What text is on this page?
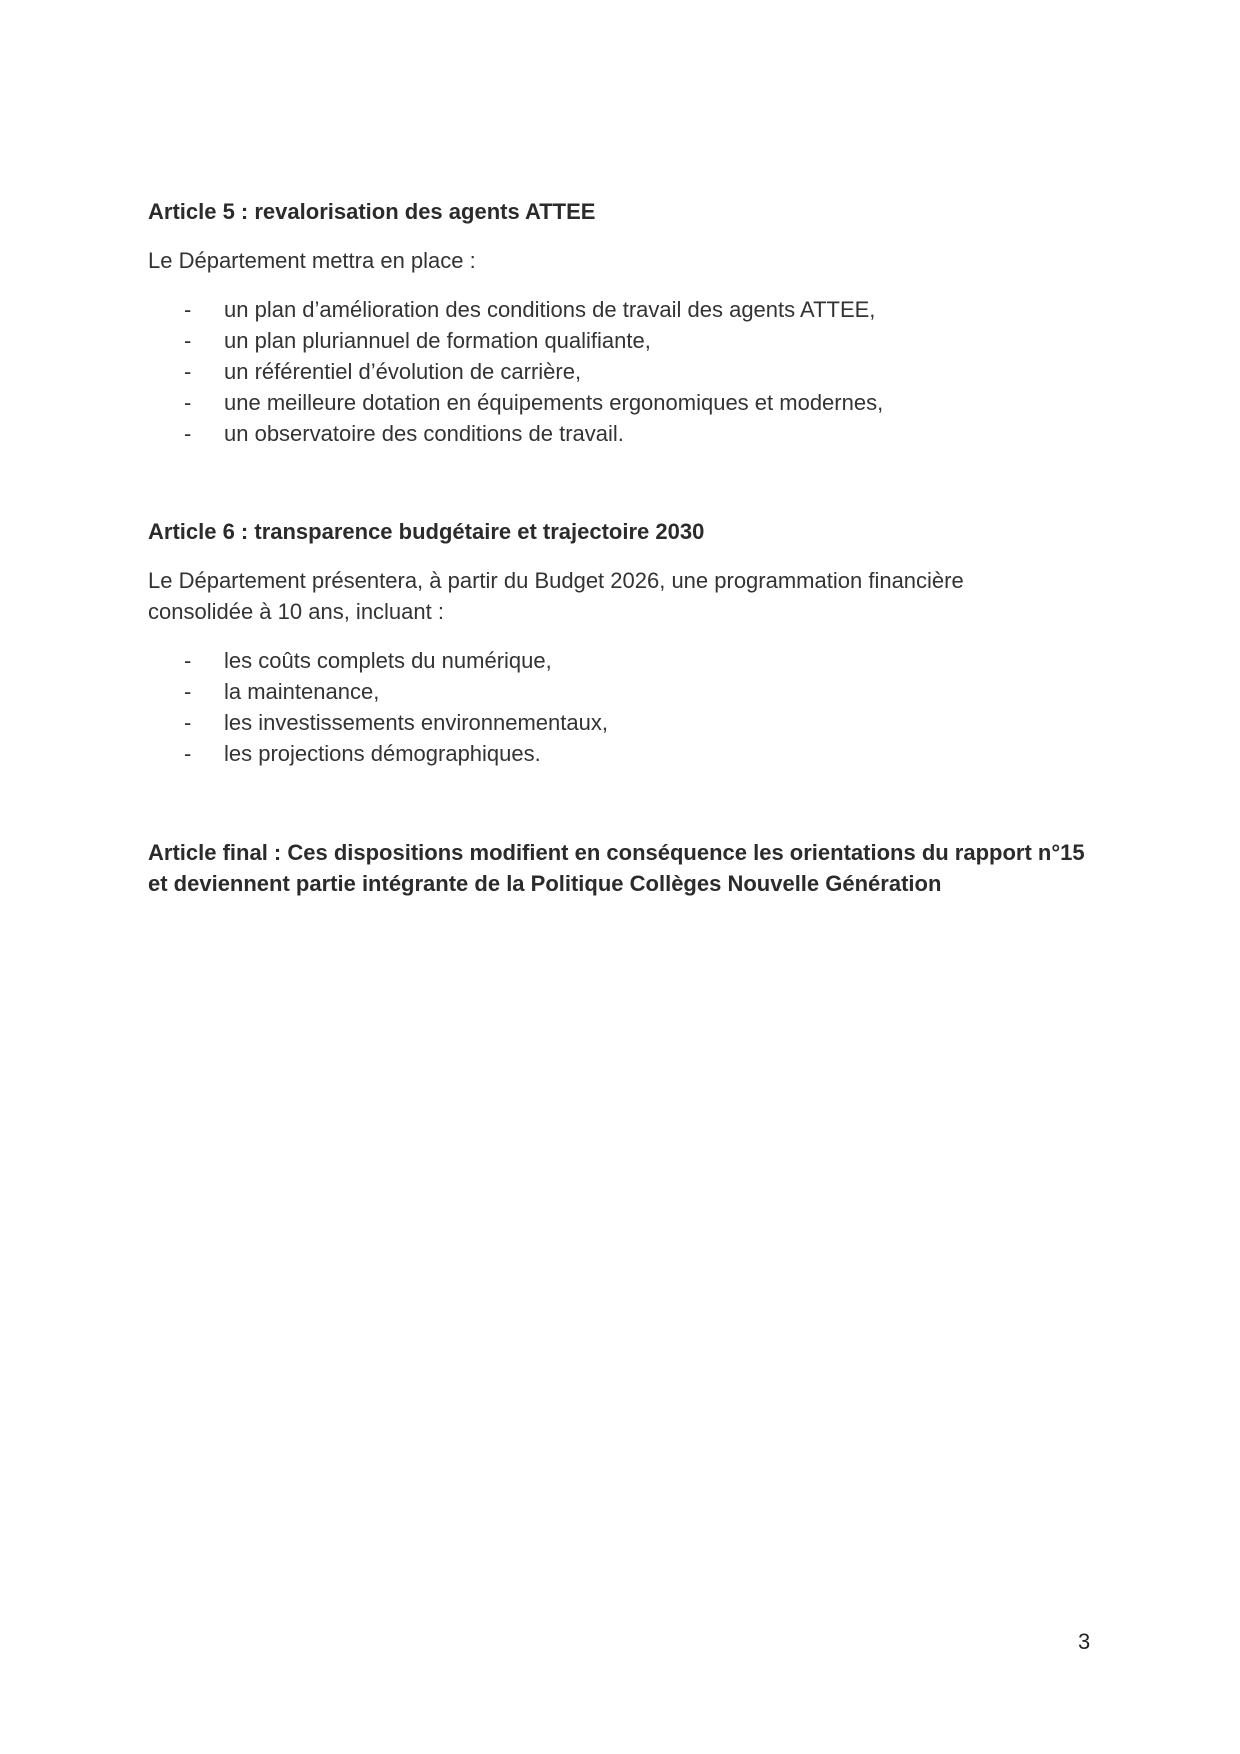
Article 5 : revalorisation des agents ATTEE

Le Département mettra en place :

- un plan d’amélioration des conditions de travail des agents ATTEE,
- un plan pluriannuel de formation qualifiante,
- un référentiel d’évolution de carrière,
- une meilleure dotation en équipements ergonomiques et modernes,
- un observatoire des conditions de travail.

Article 6 : transparence budgétaire et trajectoire 2030

Le Département présentera, à partir du Budget 2026, une programmation financière

consolidée à 10 ans, incluant :

- les coûts complets du numérique,
- la maintenance,
- les investissements environnementaux,
- les projections démographiques.

Article final : Ces dispositions modifient en conséquence les orientations du rapport n°15

et deviennent partie intégrante de la Politique Collèges Nouvelle Génération

3
